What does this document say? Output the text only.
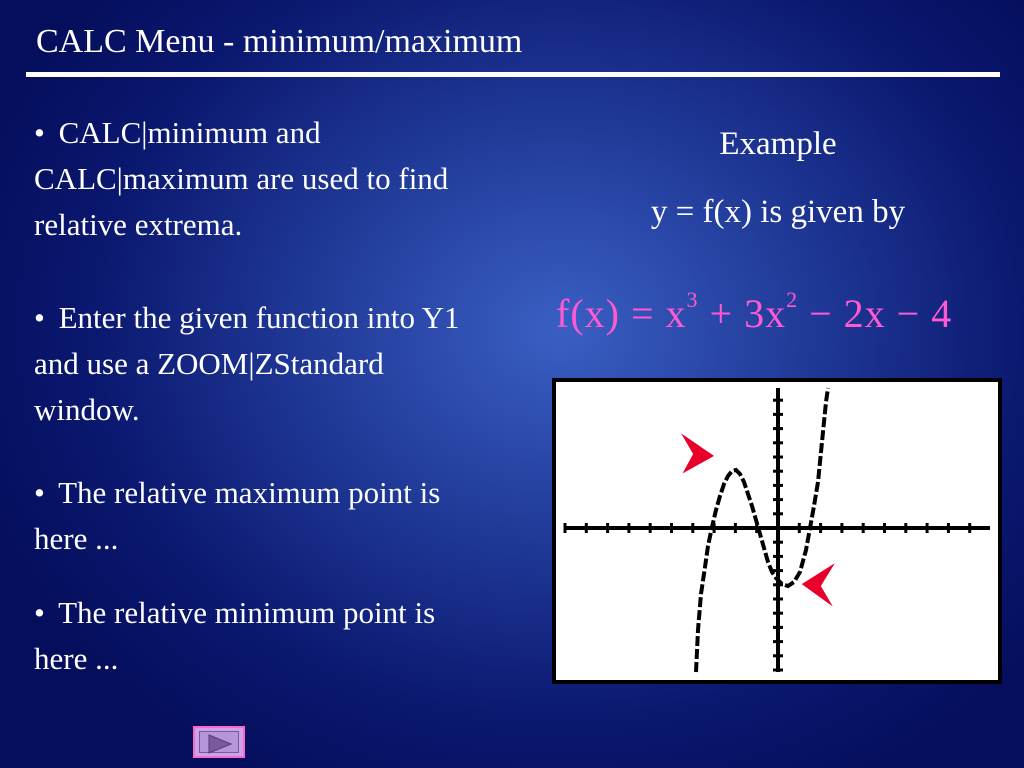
CALC Menu - minimum/maximum
• CALC|minimum and CALC|maximum are used to find relative extrema.
• Enter the given function into Y1 and use a ZOOM|ZStandard window.
• The relative maximum point is here ...
• The relative minimum point is here ...
Example
y = f(x) is given by
$f(x) = x^3 + 3x^2 - 2x - 4$
